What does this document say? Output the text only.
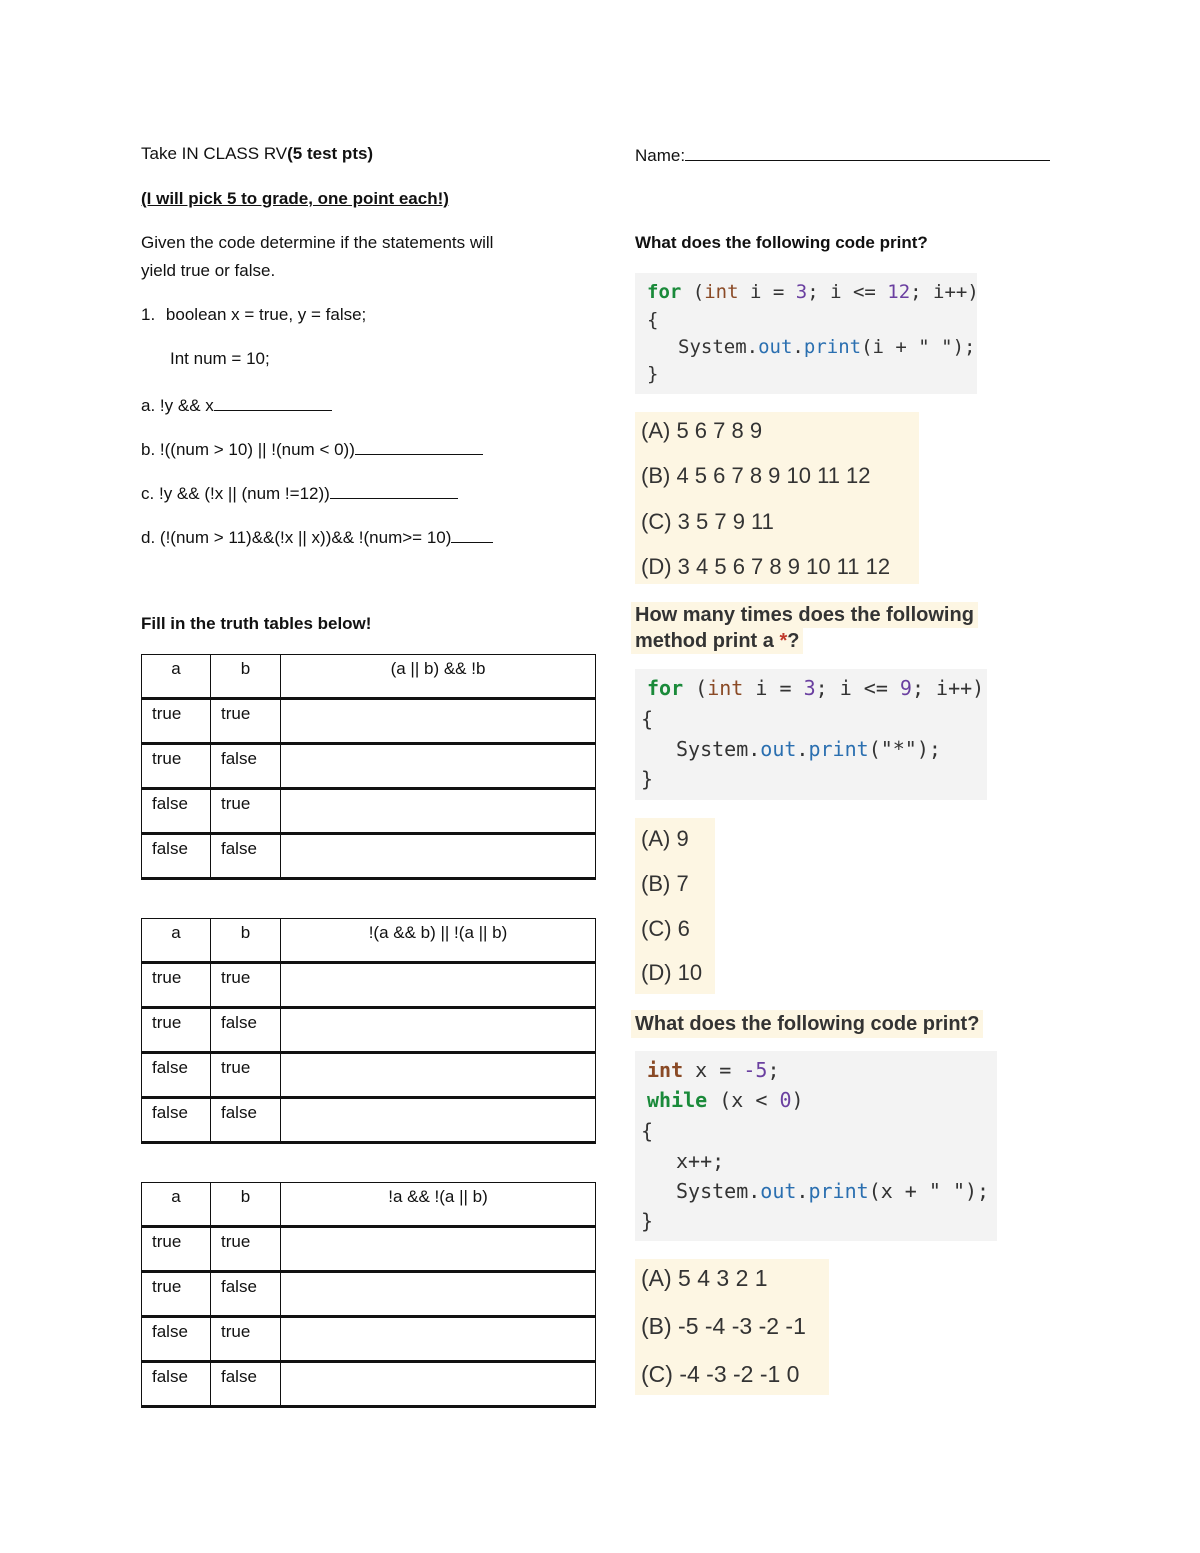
Take IN CLASS RV(5 test pts)	Name:
(I will pick 5 to grade, one point each!)
Given the code determine if the statements will
yield true or false.
1. boolean x = true, y = false;
Int num = 10;
a. !y && x
b. !((num > 10) || !(num < 0))
c. !y && (!x || (num !=12))
d. (!(num > 11)&&(!x || x))&& !(num>= 10)
Fill in the truth tables below!
a	b	(a || b) && !b

true	true	

true	false	

false	true	

false	false	

a	b	!(a && b) || !(a || b)

true	true	

true	false	

false	true	

false	false	

a	b	!a && !(a || b)

true	true	

true	false	

false	true	

false	false	

What does the following code print?
for (int i = 3; i <= 12; i++)
{
System.out.print(i + " ");
}
(A) 5 6 7 8 9
(B) 4 5 6 7 8 9 10 11 12
(C) 3 5 7 9 11
(D) 3 4 5 6 7 8 9 10 11 12
How many times does the following
method print a *?
for (int i = 3; i <= 9; i++)
{
System.out.print("*");
}
(A) 9
(B) 7
(C) 6
(D) 10
What does the following code print?
int x = -5;
while (x < 0)
{
x++;
System.out.print(x + " ");
}
(A) 5 4 3 2 1
(B) -5 -4 -3 -2 -1
(C) -4 -3 -2 -1 0
